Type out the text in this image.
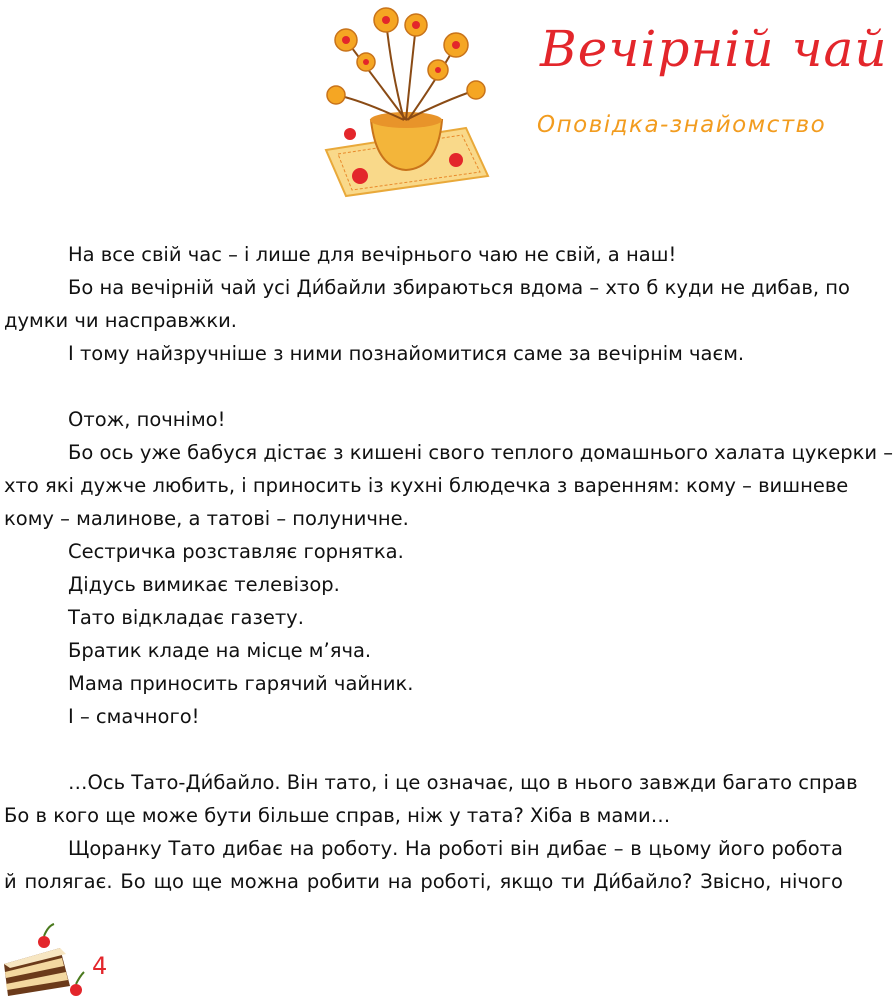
Вечірній чай
Оповідка-знайомство
На все свій час – і лише для вечірнього чаю не свій, а наш!
Бо на вечірній чай усі Ди́байли збираються вдома – хто б куди не дибав, по
думки чи насправжки.
І тому найзручніше з ними познайомитися саме за вечірнім чаєм.
Отож, почнімо!
Бо ось уже бабуся дістає з кишені свого теплого домашнього халата цукерки –
хто які дужче любить, і приносить із кухні блюдечка з варенням: кому – вишневе
кому – малинове, а татові – полуничне.
Сестричка розставляє горнятка.
Дідусь вимикає телевізор.
Тато відкладає газету.
Братик кладе на місце м’яча.
Мама приносить гарячий чайник.
І – смачного!
…Ось Тато-Ди́байло. Він тато, і це означає, що в нього завжди багато справ
Бо в кого ще може бути більше справ, ніж у тата? Хіба в мами…
Щоранку Тато дибає на роботу. На роботі він дибає – в цьому його робота
й полягає. Бо що ще можна робити на роботі, якщо ти Ди́байло? Звісно, нічого
4
